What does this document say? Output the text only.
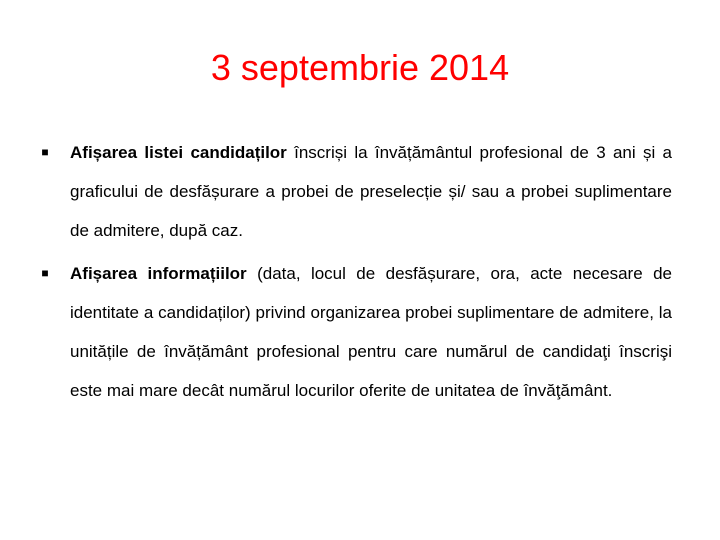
3 septembrie 2014
■ Afișarea listei candidaților înscriși la învățământul profesional de 3 ani și a graficului de desfășurare a probei de preselecție și/ sau a probei suplimentare de admitere, după caz.
■ Afișarea informațiilor (data, locul de desfășurare, ora, acte necesare de identitate a candidaților) privind organizarea probei suplimentare de admitere, la unitățile de învățământ profesional pentru care numărul de candidaţi înscrişi este mai mare decât numărul locurilor oferite de unitatea de învăţământ.
